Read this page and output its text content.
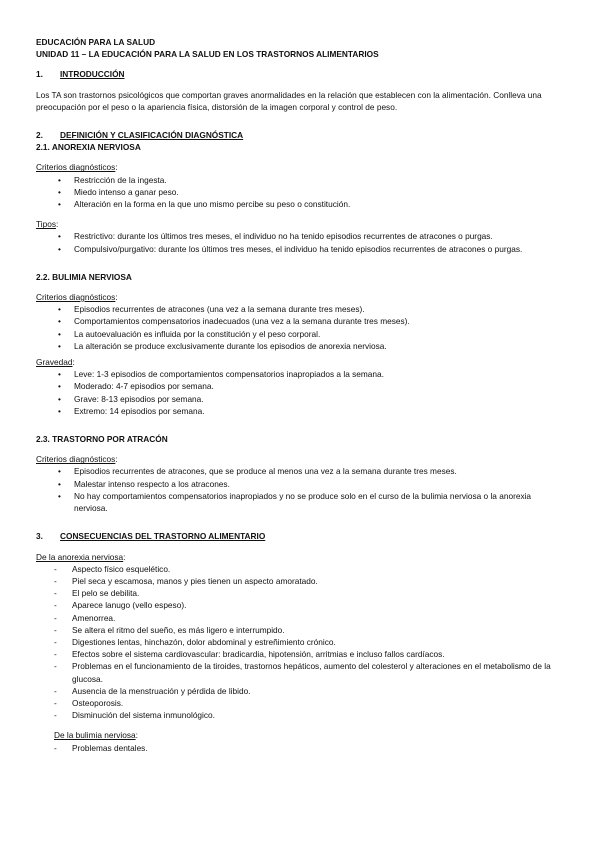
EDUCACIÓN PARA LA SALUD

UNIDAD 11 – LA EDUCACIÓN PARA LA SALUD EN LOS TRASTORNOS ALIMENTARIOS

1.	INTRODUCCIÓN

Los TA son trastornos psicológicos que comportan graves anormalidades en la relación que establecen con la alimentación. Conlleva una preocupación por el peso o la apariencia física, distorsión de la imagen corporal y control de peso.

2.	DEFINICIÓN Y CLASIFICACIÓN DIAGNÓSTICA

2.1. ANOREXIA NERVIOSA

Criterios diagnósticos:

• Restricción de la ingesta.
• Miedo intenso a ganar peso.
• Alteración en la forma en la que uno mismo percibe su peso o constitución.

Tipos:

• Restrictivo: durante los últimos tres meses, el individuo no ha tenido episodios recurrentes de atracones o purgas.
• Compulsivo/purgativo: durante los últimos tres meses, el individuo ha tenido episodios recurrentes de atracones o purgas.

2.2. BULIMIA NERVIOSA

Criterios diagnósticos:

• Episodios recurrentes de atracones (una vez a la semana durante tres meses).
• Comportamientos compensatorios inadecuados (una vez a la semana durante tres meses).
• La autoevaluación es influida por la constitución y el peso corporal.
• La alteración se produce exclusivamente durante los episodios de anorexia nerviosa.

Gravedad:

• Leve: 1-3 episodios de comportamientos compensatorios inapropiados a la semana.
• Moderado: 4-7 episodios por semana.
• Grave: 8-13 episodios por semana.
• Extremo: 14 episodios por semana.

2.3. TRASTORNO POR ATRACÓN

Criterios diagnósticos:

• Episodios recurrentes de atracones, que se produce al menos una vez a la semana durante tres meses.
• Malestar intenso respecto a los atracones.
• No hay comportamientos compensatorios inapropiados y no se produce solo en el curso de la bulimia nerviosa o la anorexia nerviosa.
3.	CONSECUENCIAS DEL TRASTORNO ALIMENTARIO

De la anorexia nerviosa:

- Aspecto físico esquelético.
- Piel seca y escamosa, manos y pies tienen un aspecto amoratado.
- El pelo se debilita.
- Aparece lanugo (vello espeso).
- Amenorrea.
- Se altera el ritmo del sueño, es más ligero e interrumpido.
- Digestiones lentas, hinchazón, dolor abdominal y estreñimiento crónico.
- Efectos sobre el sistema cardiovascular: bradicardia, hipotensión, arritmias e incluso fallos cardíacos.
- Problemas en el funcionamiento de la tiroides, trastornos hepáticos, aumento del colesterol y alteraciones en el metabolismo de la glucosa.
- Ausencia de la menstruación y pérdida de libido.
- Osteoporosis.
- Disminución del sistema inmunológico.

De la bulimia nerviosa:

- Problemas dentales.
